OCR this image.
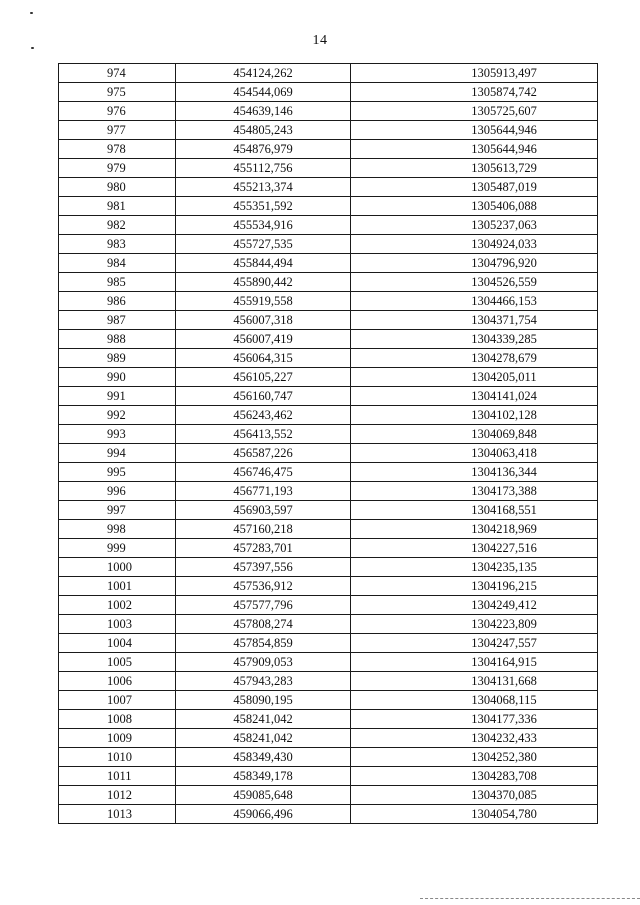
14
974	454124,262	1305913,497
975	454544,069	1305874,742
976	454639,146	1305725,607
977	454805,243	1305644,946
978	454876,979	1305644,946
979	455112,756	1305613,729
980	455213,374	1305487,019
981	455351,592	1305406,088
982	455534,916	1305237,063
983	455727,535	1304924,033
984	455844,494	1304796,920
985	455890,442	1304526,559
986	455919,558	1304466,153
987	456007,318	1304371,754
988	456007,419	1304339,285
989	456064,315	1304278,679
990	456105,227	1304205,011
991	456160,747	1304141,024
992	456243,462	1304102,128
993	456413,552	1304069,848
994	456587,226	1304063,418
995	456746,475	1304136,344
996	456771,193	1304173,388
997	456903,597	1304168,551
998	457160,218	1304218,969
999	457283,701	1304227,516
1000	457397,556	1304235,135
1001	457536,912	1304196,215
1002	457577,796	1304249,412
1003	457808,274	1304223,809
1004	457854,859	1304247,557
1005	457909,053	1304164,915
1006	457943,283	1304131,668
1007	458090,195	1304068,115
1008	458241,042	1304177,336
1009	458241,042	1304232,433
1010	458349,430	1304252,380
1011	458349,178	1304283,708
1012	459085,648	1304370,085
1013	459066,496	1304054,780
